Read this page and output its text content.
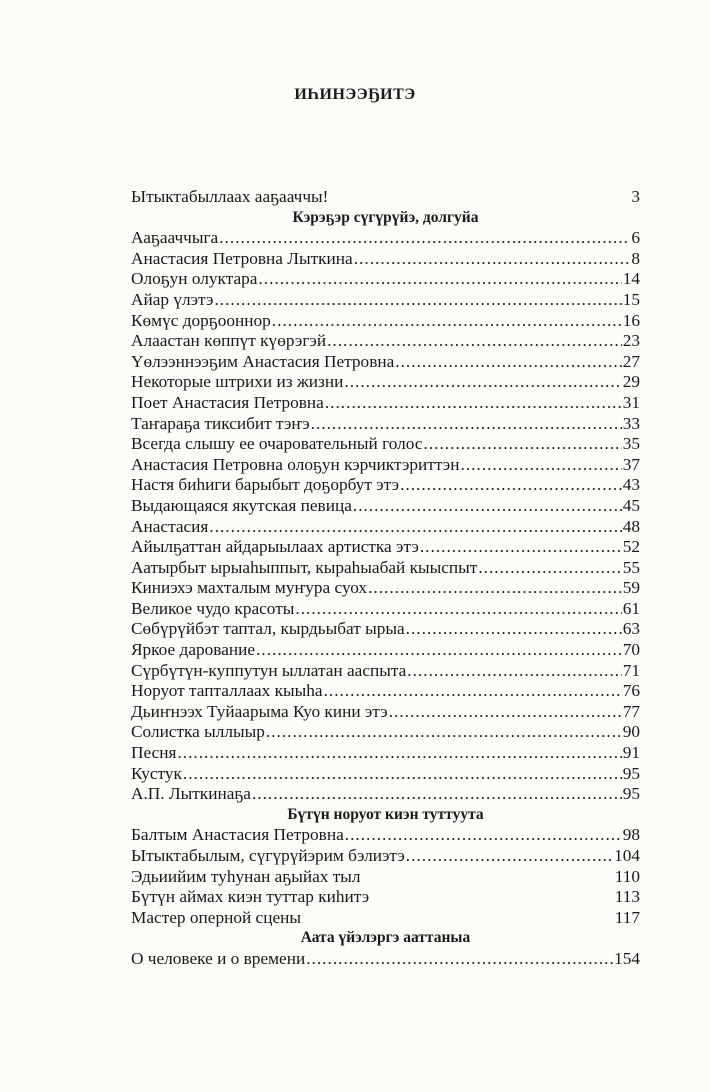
ИҺИНЭЭҔИТЭ
Ытыктабыллаах ааҕааччы!	3
Кэрэҕэр сүгүрүйэ, долгуйа
Ааҕааччыга .....	6
Анастасия Петровна Лыткина .....	8
Олоҕун олуктара .....	14
Айар үлэтэ .....	15
Көмүс дорҕооннор .....	16
Алаастан көппүт күөрэгэй .....	23
Үөлээннээҕим Анастасия Петровна .....	27
Некоторые штрихи из жизни .....	29
Поет Анастасия Петровна .....	31
Таҥараҕа тиксибит тэҥэ .....	33
Всегда слышу ее очаровательный голос .....	35
Анастасия Петровна олоҕун кэрчиктэриттэн .....	37
Настя биһиги барыбыт доҕорбут этэ .....	43
Выдающаяся якутская певица .....	45
Анастасия .....	48
Айылҕаттан айдарыылаах артистка этэ .....	52
Аатырбыт ырыаһыппыт, кыраһыабай кыыспыт .....	55
Киниэхэ махталым муҥура суох .....	59
Великое чудо красоты .....	61
Сөбүрүйбэт таптал, кырдьыбат ырыа .....	63
Яркое дарование .....	70
Сүрбүтүн-куппутун ыллатан ааспыта .....	71
Норуот тапталлаах кыыһа .....	76
Дьиҥнээх Туйаарыма Куо кини этэ .....	77
Солистка ыллыыр .....	90
Песня .....	91
Кустук .....	95
А.П. Лыткинаҕа .....	95
Бүтүн норуот киэн туттуута
Балтым Анастасия Петровна .....	98
Ытыктабылым, сүгүрүйэрим бэлиэтэ .....	104
Эдьиийим туһунан аҕыйах тыл	110
Бүтүн аймах киэн туттар киһитэ	113
Мастер оперной сцены	117
Аата үйэлэргэ ааттаныа
О человеке и о времени .....	154
